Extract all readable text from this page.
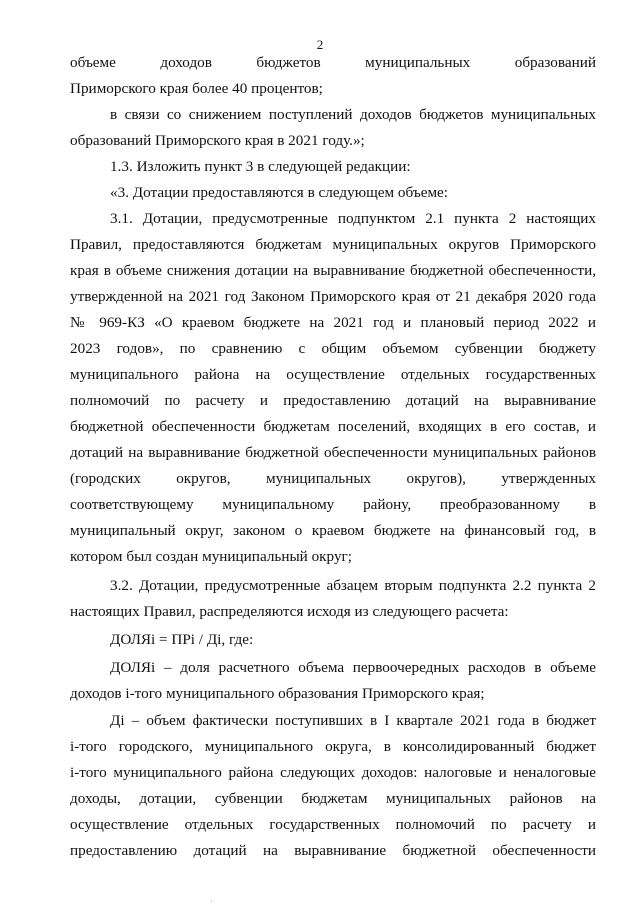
2
объеме доходов бюджетов муниципальных образований
Приморского края более 40 процентов;
в связи со снижением поступлений доходов бюджетов муниципальных
образований Приморского края в 2021 году.»;
1.3. Изложить пункт 3 в следующей редакции:
«3. Дотации предоставляются в следующем объеме:
3.1. Дотации, предусмотренные подпунктом 2.1 пункта 2 настоящих
Правил, предоставляются бюджетам муниципальных округов Приморского
края в объеме снижения дотации на выравнивание бюджетной обеспеченности,
утвержденной на 2021 год Законом Приморского края от 21 декабря 2020 года
№ 969-КЗ «О краевом бюджете на 2021 год и плановый период 2022 и
2023 годов», по сравнению с общим объемом субвенции бюджету
муниципального района на осуществление отдельных государственных
полномочий по расчету и предоставлению дотаций на выравнивание
бюджетной обеспеченности бюджетам поселений, входящих в его состав, и
дотаций на выравнивание бюджетной обеспеченности муниципальных районов
(городских округов, муниципальных округов), утвержденных
соответствующему муниципальному району, преобразованному в
муниципальный округ, законом о краевом бюджете на финансовый год, в
котором был создан муниципальный округ;
3.2. Дотации, предусмотренные абзацем вторым подпункта 2.2 пункта 2
настоящих Правил, распределяются исходя из следующего расчета:
ДОЛЯi = ПРi / Дi, где:
ДОЛЯi – доля расчетного объема первоочередных расходов в объеме
доходов i-того муниципального образования Приморского края;
Дi – объем фактически поступивших в I квартале 2021 года в бюджет
i-того городского, муниципального округа, в консолидированный бюджет
i-того муниципального района следующих доходов: налоговые и неналоговые
доходы, дотации, субвенции бюджетам муниципальных районов на
осуществление отдельных государственных полномочий по расчету и
предоставлению дотаций на выравнивание бюджетной обеспеченности
·
